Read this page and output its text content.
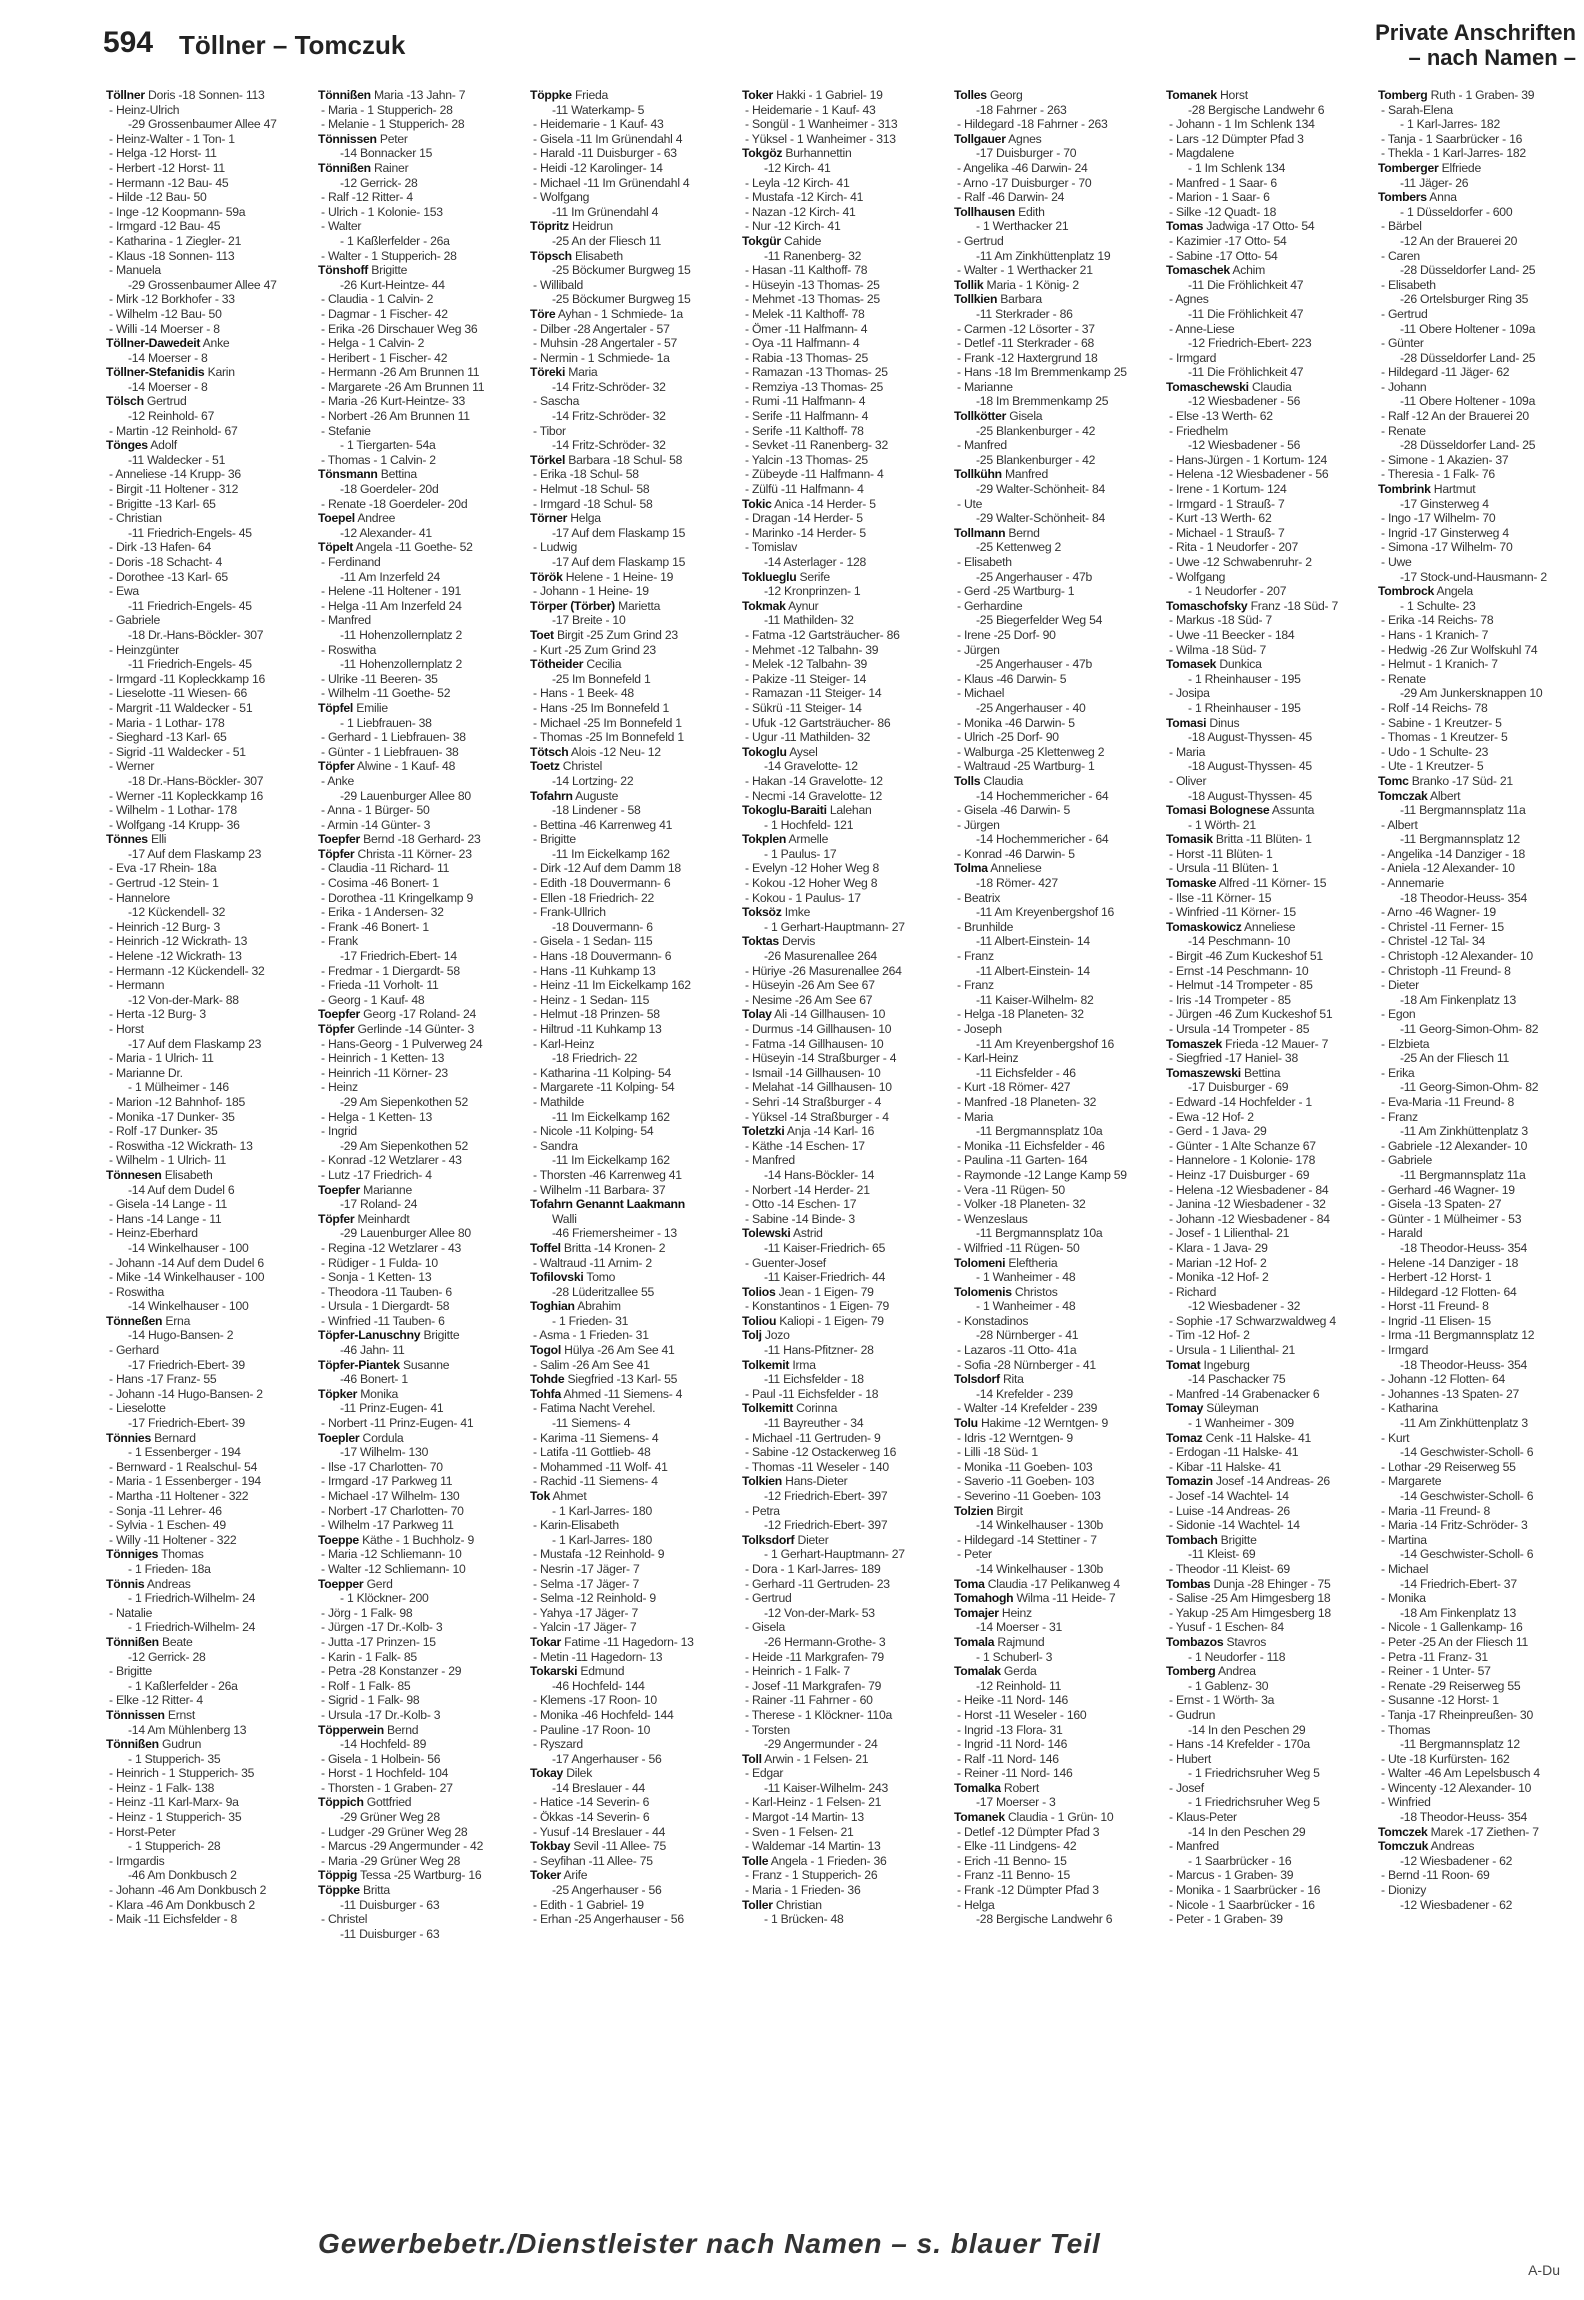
594 Töllner – Tomczuk	Private Anschriften
– nach Namen –
Töllner Doris -18 Sonnen- 113
- Heinz-Ulrich
-29 Grossenbaumer Allee 47
- Heinz-Walter - 1 Ton- 1
- Helga -12 Horst- 11
- Herbert -12 Horst- 11
- Hermann -12 Bau- 45
- Hilde -12 Bau- 50
- Inge -12 Koopmann- 59a
- Irmgard -12 Bau- 45
- Katharina - 1 Ziegler- 21
- Klaus -18 Sonnen- 113
- Manuela
-29 Grossenbaumer Allee 47
- Mirk -12 Borkhofer - 33
- Wilhelm -12 Bau- 50
- Willi -14 Moerser - 8
Töllner-Dawedeit Anke
-14 Moerser - 8
Töllner-Stefanidis Karin
-14 Moerser - 8
Tölsch Gertrud
-12 Reinhold- 67
- Martin -12 Reinhold- 67
Tönges Adolf
-11 Waldecker - 51
- Anneliese -14 Krupp- 36
- Birgit -11 Holtener - 312
- Brigitte -13 Karl- 65
- Christian
-11 Friedrich-Engels- 45
- Dirk -13 Hafen- 64
- Doris -18 Schacht- 4
- Dorothee -13 Karl- 65
- Ewa
-11 Friedrich-Engels- 45
- Gabriele
-18 Dr.-Hans-Böckler- 307
- Heinzgünter
-11 Friedrich-Engels- 45
- Irmgard -11 Kopleckkamp 16
- Lieselotte -11 Wiesen- 66
- Margrit -11 Waldecker - 51
- Maria - 1 Lothar- 178
- Sieghard -13 Karl- 65
- Sigrid -11 Waldecker - 51
- Werner
-18 Dr.-Hans-Böckler- 307
- Werner -11 Kopleckkamp 16
- Wilhelm - 1 Lothar- 178
- Wolfgang -14 Krupp- 36
Tönnes Elli
-17 Auf dem Flaskamp 23
- Eva -17 Rhein- 18a
- Gertrud -12 Stein- 1
- Hannelore
-12 Kückendell- 32
- Heinrich -12 Burg- 3
- Heinrich -12 Wickrath- 13
- Helene -12 Wickrath- 13
- Hermann -12 Kückendell- 32
- Hermann
-12 Von-der-Mark- 88
- Herta -12 Burg- 3
- Horst
-17 Auf dem Flaskamp 23
- Maria - 1 Ulrich- 11
- Marianne Dr.
- 1 Mülheimer - 146
- Marion -12 Bahnhof- 185
- Monika -17 Dunker- 35
- Rolf -17 Dunker- 35
- Roswitha -12 Wickrath- 13
- Wilhelm - 1 Ulrich- 11
Tönnesen Elisabeth
-14 Auf dem Dudel 6
- Gisela -14 Lange - 11
- Hans -14 Lange - 11
- Heinz-Eberhard
-14 Winkelhauser - 100
- Johann -14 Auf dem Dudel 6
- Mike -14 Winkelhauser - 100
- Roswitha
-14 Winkelhauser - 100
Tönneßen Erna
-14 Hugo-Bansen- 2
- Gerhard
-17 Friedrich-Ebert- 39
- Hans -17 Franz- 55
- Johann -14 Hugo-Bansen- 2
- Lieselotte
-17 Friedrich-Ebert- 39
Tönnies Bernard
- 1 Essenberger - 194
- Bernward - 1 Realschul- 54
- Maria - 1 Essenberger - 194
- Martha -11 Holtener - 322
- Sonja -11 Lehrer- 46
- Sylvia - 1 Eschen- 49
- Willy -11 Holtener - 322
Tönniges Thomas
- 1 Frieden- 18a
Tönnis Andreas
- 1 Friedrich-Wilhelm- 24
- Natalie
- 1 Friedrich-Wilhelm- 24
Tönnißen Beate
-12 Gerrick- 28
- Brigitte
- 1 Kaßlerfelder - 26a
- Elke -12 Ritter- 4
Tönnissen Ernst
-14 Am Mühlenberg 13
Tönnißen Gudrun
- 1 Stupperich- 35
- Heinrich - 1 Stupperich- 35
- Heinz - 1 Falk- 138
- Heinz -11 Karl-Marx- 9a
- Heinz - 1 Stupperich- 35
- Horst-Peter
- 1 Stupperich- 28
- Irmgardis
-46 Am Donkbusch 2
- Johann -46 Am Donkbusch 2
- Klara -46 Am Donkbusch 2
- Maik -11 Eichsfelder - 8
Tönnißen Maria -13 Jahn- 7
- Maria - 1 Stupperich- 28
- Melanie - 1 Stupperich- 28
Tönnissen Peter
-14 Bonnacker 15
Tönnißen Rainer
-12 Gerrick- 28
- Ralf -12 Ritter- 4
- Ulrich - 1 Kolonie- 153
- Walter
- 1 Kaßlerfelder - 26a
- Walter - 1 Stupperich- 28
Tönshoff Brigitte
-26 Kurt-Heintze- 44
- Claudia - 1 Calvin- 2
- Dagmar - 1 Fischer- 42
- Erika -26 Dirschauer Weg 36
- Helga - 1 Calvin- 2
- Heribert - 1 Fischer- 42
- Hermann -26 Am Brunnen 11
- Margarete -26 Am Brunnen 11
- Maria -26 Kurt-Heintze- 33
- Norbert -26 Am Brunnen 11
- Stefanie
- 1 Tiergarten- 54a
- Thomas - 1 Calvin- 2
Tönsmann Bettina
-18 Goerdeler- 20d
- Renate -18 Goerdeler- 20d
Toepel Andree
-12 Alexander- 41
Töpelt Angela -11 Goethe- 52
- Ferdinand
-11 Am Inzerfeld 24
- Helene -11 Holtener - 191
- Helga -11 Am Inzerfeld 24
- Manfred
-11 Hohenzollernplatz 2
- Roswitha
-11 Hohenzollernplatz 2
- Ulrike -11 Beeren- 35
- Wilhelm -11 Goethe- 52
Töpfel Emilie
- 1 Liebfrauen- 38
- Gerhard - 1 Liebfrauen- 38
- Günter - 1 Liebfrauen- 38
Töpfer Alwine - 1 Kauf- 48
- Anke
-29 Lauenburger Allee 80
- Anna - 1 Bürger- 50
- Armin -14 Günter- 3
Toepfer Bernd -18 Gerhard- 23
Töpfer Christa -11 Körner- 23
- Claudia -11 Richard- 11
- Cosima -46 Bonert- 1
- Dorothea -11 Kringelkamp 9
- Erika - 1 Andersen- 32
- Frank -46 Bonert- 1
- Frank
-17 Friedrich-Ebert- 14
- Fredmar - 1 Diergardt- 58
- Frieda -11 Vorholt- 11
- Georg - 1 Kauf- 48
Toepfer Georg -17 Roland- 24
Töpfer Gerlinde -14 Günter- 3
- Hans-Georg - 1 Pulverweg 24
- Heinrich - 1 Ketten- 13
- Heinrich -11 Körner- 23
- Heinz
-29 Am Siepenkothen 52
- Helga - 1 Ketten- 13
- Ingrid
-29 Am Siepenkothen 52
- Konrad -12 Wetzlarer - 43
- Lutz -17 Friedrich- 4
Toepfer Marianne
-17 Roland- 24
Töpfer Meinhardt
-29 Lauenburger Allee 80
- Regina -12 Wetzlarer - 43
- Rüdiger - 1 Fulda- 10
- Sonja - 1 Ketten- 13
- Theodora -11 Tauben- 6
- Ursula - 1 Diergardt- 58
- Winfried -11 Tauben- 6
Töpfer-Lanuschny Brigitte
-46 Jahn- 11
Töpfer-Piantek Susanne
-46 Bonert- 1
Töpker Monika
-11 Prinz-Eugen- 41
- Norbert -11 Prinz-Eugen- 41
Toepler Cordula
-17 Wilhelm- 130
- Ilse -17 Charlotten- 70
- Irmgard -17 Parkweg 11
- Michael -17 Wilhelm- 130
- Norbert -17 Charlotten- 70
- Wilhelm -17 Parkweg 11
Toeppe Käthe - 1 Buchholz- 9
- Maria -12 Schliemann- 10
- Walter -12 Schliemann- 10
Toepper Gerd
- 1 Klöckner- 200
- Jörg - 1 Falk- 98
- Jürgen -17 Dr.-Kolb- 3
- Jutta -17 Prinzen- 15
- Karin - 1 Falk- 85
- Petra -28 Konstanzer - 29
- Rolf - 1 Falk- 85
- Sigrid - 1 Falk- 98
- Ursula -17 Dr.-Kolb- 3
Töpperwein Bernd
-14 Hochfeld- 89
- Gisela - 1 Holbein- 56
- Horst - 1 Hochfeld- 104
- Thorsten - 1 Graben- 27
Töppich Gottfried
-29 Grüner Weg 28
- Ludger -29 Grüner Weg 28
- Marcus -29 Angermunder - 42
- Maria -29 Grüner Weg 28
Töppig Tessa -25 Wartburg- 16
Töppke Britta
-11 Duisburger - 63
- Christel
-11 Duisburger - 63
Töppke Frieda
-11 Waterkamp- 5
- Heidemarie - 1 Kauf- 43
- Gisela -11 Im Grünendahl 4
- Harald -11 Duisburger - 63
- Heidi -12 Karolinger- 14
- Michael -11 Im Grünendahl 4
- Wolfgang
-11 Im Grünendahl 4
Töpritz Heidrun
-25 An der Fliesch 11
Töpsch Elisabeth
-25 Böckumer Burgweg 15
- Willibald
-25 Böckumer Burgweg 15
Töre Ayhan - 1 Schmiede- 1a
- Dilber -28 Angertaler - 57
- Muhsin -28 Angertaler - 57
- Nermin - 1 Schmiede- 1a
Töreki Maria
-14 Fritz-Schröder- 32
- Sascha
-14 Fritz-Schröder- 32
- Tibor
-14 Fritz-Schröder- 32
Törkel Barbara -18 Schul- 58
- Erika -18 Schul- 58
- Helmut -18 Schul- 58
- Irmgard -18 Schul- 58
Törner Helga
-17 Auf dem Flaskamp 15
- Ludwig
-17 Auf dem Flaskamp 15
Török Helene - 1 Heine- 19
- Johann - 1 Heine- 19
Törper (Törber) Marietta
-17 Breite - 10
Toet Birgit -25 Zum Grind 23
- Kurt -25 Zum Grind 23
Tötheider Cecilia
-25 Im Bonnefeld 1
- Hans - 1 Beek- 48
- Hans -25 Im Bonnefeld 1
- Michael -25 Im Bonnefeld 1
- Thomas -25 Im Bonnefeld 1
Tötsch Alois -12 Neu- 12
Toetz Christel
-14 Lortzing- 22
Tofahrn Auguste
-18 Lindener - 58
- Bettina -46 Karrenweg 41
- Brigitte
-11 Im Eickelkamp 162
- Dirk -12 Auf dem Damm 18
- Edith -18 Douvermann- 6
- Ellen -18 Friedrich- 22
- Frank-Ullrich
-18 Douvermann- 6
- Gisela - 1 Sedan- 115
- Hans -18 Douvermann- 6
- Hans -11 Kuhkamp 13
- Heinz -11 Im Eickelkamp 162
- Heinz - 1 Sedan- 115
- Helmut -18 Prinzen- 58
- Hiltrud -11 Kuhkamp 13
- Karl-Heinz
-18 Friedrich- 22
- Katharina -11 Kolping- 54
- Margarete -11 Kolping- 54
- Mathilde
-11 Im Eickelkamp 162
- Nicole -11 Kolping- 54
- Sandra
-11 Im Eickelkamp 162
- Thorsten -46 Karrenweg 41
- Wilhelm -11 Barbara- 37
Tofahrn Genannt Laakmann
Walli
-46 Friemersheimer - 13
Toffel Britta -14 Kronen- 2
- Waltraud -11 Arnim- 2
Tofilovski Tomo
-28 Lüderitzallee 55
Toghian Abrahim
- 1 Frieden- 31
- Asma - 1 Frieden- 31
Togol Hülya -26 Am See 41
- Salim -26 Am See 41
Tohde Siegfried -13 Karl- 55
Tohfa Ahmed -11 Siemens- 4
- Fatima Nacht Verehel.
-11 Siemens- 4
- Karima -11 Siemens- 4
- Latifa -11 Gottlieb- 48
- Mohammed -11 Wolf- 41
- Rachid -11 Siemens- 4
Tok Ahmet
- 1 Karl-Jarres- 180
- Karin-Elisabeth
- 1 Karl-Jarres- 180
- Mustafa -12 Reinhold- 9
- Nesrin -17 Jäger- 7
- Selma -17 Jäger- 7
- Selma -12 Reinhold- 9
- Yahya -17 Jäger- 7
- Yalcin -17 Jäger- 7
Tokar Fatime -11 Hagedorn- 13
- Metin -11 Hagedorn- 13
Tokarski Edmund
-46 Hochfeld- 144
- Klemens -17 Roon- 10
- Monika -46 Hochfeld- 144
- Pauline -17 Roon- 10
- Ryszard
-17 Angerhauser - 56
Tokay Dilek
-14 Breslauer - 44
- Hatice -14 Severin- 6
- Ökkas -14 Severin- 6
- Yusuf -14 Breslauer - 44
Tokbay Sevil -11 Allee- 75
- Seyfihan -11 Allee- 75
Toker Arife
-25 Angerhauser - 56
- Edith - 1 Gabriel- 19
- Erhan -25 Angerhauser - 56
Toker Hakki - 1 Gabriel- 19
- Heidemarie - 1 Kauf- 43
- Songül - 1 Wanheimer - 313
- Yüksel - 1 Wanheimer - 313
Tokgöz Burhannettin
-12 Kirch- 41
- Leyla -12 Kirch- 41
- Mustafa -12 Kirch- 41
- Nazan -12 Kirch- 41
- Nur -12 Kirch- 41
Tokgür Cahide
-11 Ranenberg- 32
- Hasan -11 Kalthoff- 78
- Hüseyin -13 Thomas- 25
- Mehmet -13 Thomas- 25
- Melek -11 Kalthoff- 78
- Ömer -11 Halfmann- 4
- Oya -11 Halfmann- 4
- Rabia -13 Thomas- 25
- Ramazan -13 Thomas- 25
- Remziya -13 Thomas- 25
- Rumi -11 Halfmann- 4
- Serife -11 Halfmann- 4
- Serife -11 Kalthoff- 78
- Sevket -11 Ranenberg- 32
- Yalcin -13 Thomas- 25
- Zübeyde -11 Halfmann- 4
- Zülfü -11 Halfmann- 4
Tokic Anica -14 Herder- 5
- Dragan -14 Herder- 5
- Marinko -14 Herder- 5
- Tomislav
-14 Asterlager - 128
Toklueglu Serife
-12 Kronprinzen- 1
Tokmak Aynur
-11 Mathilden- 32
- Fatma -12 Gartsträucher- 86
- Mehmet -12 Talbahn- 39
- Melek -12 Talbahn- 39
- Pakize -11 Steiger- 14
- Ramazan -11 Steiger- 14
- Sükrü -11 Steiger- 14
- Ufuk -12 Gartsträucher- 86
- Ugur -11 Mathilden- 32
Tokoglu Aysel
-14 Gravelotte- 12
- Hakan -14 Gravelotte- 12
- Necmi -14 Gravelotte- 12
Tokoglu-Baraiti Lalehan
- 1 Hochfeld- 121
Tokplen Armelle
- 1 Paulus- 17
- Evelyn -12 Hoher Weg 8
- Kokou -12 Hoher Weg 8
- Kokou - 1 Paulus- 17
Toksöz Imke
- 1 Gerhart-Hauptmann- 27
Toktas Dervis
-26 Masurenallee 264
- Hüriye -26 Masurenallee 264
- Hüseyin -26 Am See 67
- Nesime -26 Am See 67
Tolay Ali -14 Gillhausen- 10
- Durmus -14 Gillhausen- 10
- Fatma -14 Gillhausen- 10
- Hüseyin -14 Straßburger - 4
- Ismail -14 Gillhausen- 10
- Melahat -14 Gillhausen- 10
- Sehri -14 Straßburger - 4
- Yüksel -14 Straßburger - 4
Toletzki Anja -14 Karl- 16
- Käthe -14 Eschen- 17
- Manfred
-14 Hans-Böckler- 14
- Norbert -14 Herder- 21
- Otto -14 Eschen- 17
- Sabine -14 Binde- 3
Tolewski Astrid
-11 Kaiser-Friedrich- 65
- Guenter-Josef
-11 Kaiser-Friedrich- 44
Tolios Jean - 1 Eigen- 79
- Konstantinos - 1 Eigen- 79
Toliou Kaliopi - 1 Eigen- 79
Tolj Jozo
-11 Hans-Pfitzner- 28
Tolkemit Irma
-11 Eichsfelder - 18
- Paul -11 Eichsfelder - 18
Tolkemitt Corinna
-11 Bayreuther - 34
- Michael -11 Gertruden- 9
- Sabine -12 Ostackerweg 16
- Thomas -11 Weseler - 140
Tolkien Hans-Dieter
-12 Friedrich-Ebert- 397
- Petra
-12 Friedrich-Ebert- 397
Tolksdorf Dieter
- 1 Gerhart-Hauptmann- 27
- Dora - 1 Karl-Jarres- 189
- Gerhard -11 Gertruden- 23
- Gertrud
-12 Von-der-Mark- 53
- Gisela
-26 Hermann-Grothe- 3
- Heide -11 Markgrafen- 79
- Heinrich - 1 Falk- 7
- Josef -11 Markgrafen- 79
- Rainer -11 Fahrner - 60
- Therese - 1 Klöckner- 110a
- Torsten
-29 Angermunder - 24
Toll Arwin - 1 Felsen- 21
- Edgar
-11 Kaiser-Wilhelm- 243
- Karl-Heinz - 1 Felsen- 21
- Margot -14 Martin- 13
- Sven - 1 Felsen- 21
- Waldemar -14 Martin- 13
Tolle Angela - 1 Frieden- 36
- Franz - 1 Stupperich- 26
- Maria - 1 Frieden- 36
Toller Christian
- 1 Brücken- 48
Tolles Georg
-18 Fahrner - 263
- Hildegard -18 Fahrner - 263
Tollgauer Agnes
-17 Duisburger - 70
- Angelika -46 Darwin- 24
- Arno -17 Duisburger - 70
- Ralf -46 Darwin- 24
Tollhausen Edith
- 1 Werthacker 21
- Gertrud
-11 Am Zinkhüttenplatz 19
- Walter - 1 Werthacker 21
Tollik Maria - 1 König- 2
Tollkien Barbara
-11 Sterkrader - 86
- Carmen -12 Lösorter - 37
- Detlef -11 Sterkrader - 68
- Frank -12 Haxtergrund 18
- Hans -18 Im Bremmenkamp 25
- Marianne
-18 Im Bremmenkamp 25
Tollkötter Gisela
-25 Blankenburger - 42
- Manfred
-25 Blankenburger - 42
Tollkühn Manfred
-29 Walter-Schönheit- 84
- Ute
-29 Walter-Schönheit- 84
Tollmann Bernd
-25 Kettenweg 2
- Elisabeth
-25 Angerhauser - 47b
- Gerd -25 Wartburg- 1
- Gerhardine
-25 Biegerfelder Weg 54
- Irene -25 Dorf- 90
- Jürgen
-25 Angerhauser - 47b
- Klaus -46 Darwin- 5
- Michael
-25 Angerhauser - 40
- Monika -46 Darwin- 5
- Ulrich -25 Dorf- 90
- Walburga -25 Klettenweg 2
- Waltraud -25 Wartburg- 1
Tolls Claudia
-14 Hochemmericher - 64
- Gisela -46 Darwin- 5
- Jürgen
-14 Hochemmericher - 64
- Konrad -46 Darwin- 5
Tolma Anneliese
-18 Römer- 427
- Beatrix
-11 Am Kreyenbergshof 16
- Brunhilde
-11 Albert-Einstein- 14
- Franz
-11 Albert-Einstein- 14
- Franz
-11 Kaiser-Wilhelm- 82
- Helga -18 Planeten- 32
- Joseph
-11 Am Kreyenbergshof 16
- Karl-Heinz
-11 Eichsfelder - 46
- Kurt -18 Römer- 427
- Manfred -18 Planeten- 32
- Maria
-11 Bergmannsplatz 10a
- Monika -11 Eichsfelder - 46
- Paulina -11 Garten- 164
- Raymonde -12 Lange Kamp 59
- Vera -11 Rügen- 50
- Volker -18 Planeten- 32
- Wenzeslaus
-11 Bergmannsplatz 10a
- Wilfried -11 Rügen- 50
Tolomeni Eleftheria
- 1 Wanheimer - 48
Tolomenis Christos
- 1 Wanheimer - 48
- Konstadinos
-28 Nürnberger - 41
- Lazaros -11 Otto- 41a
- Sofia -28 Nürnberger - 41
Tolsdorf Rita
-14 Krefelder - 239
- Walter -14 Krefelder - 239
Tolu Hakime -12 Werntgen- 9
- Idris -12 Werntgen- 9
- Lilli -18 Süd- 1
- Monika -11 Goeben- 103
- Saverio -11 Goeben- 103
- Severino -11 Goeben- 103
Tolzien Birgit
-14 Winkelhauser - 130b
- Hildegard -14 Stettiner - 7
- Peter
-14 Winkelhauser - 130b
Toma Claudia -17 Pelikanweg 4
Tomahogh Wilma -11 Heide- 7
Tomajer Heinz
-14 Moerser - 31
Tomala Rajmund
- 1 Schuberl- 3
Tomalak Gerda
-12 Reinhold- 11
- Heike -11 Nord- 146
- Horst -11 Weseler - 160
- Ingrid -13 Flora- 31
- Ingrid -11 Nord- 146
- Ralf -11 Nord- 146
- Reiner -11 Nord- 146
Tomalka Robert
-17 Moerser - 3
Tomanek Claudia - 1 Grün- 10
- Detlef -12 Dümpter Pfad 3
- Elke -11 Lindgens- 42
- Erich -11 Benno- 15
- Franz -11 Benno- 15
- Frank -12 Dümpter Pfad 3
- Helga
-28 Bergische Landwehr 6
Tomanek Horst
-28 Bergische Landwehr 6
- Johann - 1 Im Schlenk 134
- Lars -12 Dümpter Pfad 3
- Magdalene
- 1 Im Schlenk 134
- Manfred - 1 Saar- 6
- Marion - 1 Saar- 6
- Silke -12 Quadt- 18
Tomas Jadwiga -17 Otto- 54
- Kazimier -17 Otto- 54
- Sabine -17 Otto- 54
Tomaschek Achim
-11 Die Fröhlichkeit 47
- Agnes
-11 Die Fröhlichkeit 47
- Anne-Liese
-12 Friedrich-Ebert- 223
- Irmgard
-11 Die Fröhlichkeit 47
Tomaschewski Claudia
-12 Wiesbadener - 56
- Else -13 Werth- 62
- Friedhelm
-12 Wiesbadener - 56
- Hans-Jürgen - 1 Kortum- 124
- Helena -12 Wiesbadener - 56
- Irene - 1 Kortum- 124
- Irmgard - 1 Strauß- 7
- Kurt -13 Werth- 62
- Michael - 1 Strauß- 7
- Rita - 1 Neudorfer - 207
- Uwe -12 Schwabenruhr- 2
- Wolfgang
- 1 Neudorfer - 207
Tomaschofsky Franz -18 Süd- 7
- Markus -18 Süd- 7
- Uwe -11 Beecker - 184
- Wilma -18 Süd- 7
Tomasek Dunkica
- 1 Rheinhauser - 195
- Josipa
- 1 Rheinhauser - 195
Tomasi Dinus
-18 August-Thyssen- 45
- Maria
-18 August-Thyssen- 45
- Oliver
-18 August-Thyssen- 45
Tomasi Bolognese Assunta
- 1 Wörth- 21
Tomasik Britta -11 Blüten- 1
- Horst -11 Blüten- 1
- Ursula -11 Blüten- 1
Tomaske Alfred -11 Körner- 15
- Ilse -11 Körner- 15
- Winfried -11 Körner- 15
Tomaskowicz Anneliese
-14 Peschmann- 10
- Birgit -46 Zum Kuckeshof 51
- Ernst -14 Peschmann- 10
- Helmut -14 Trompeter - 85
- Iris -14 Trompeter - 85
- Jürgen -46 Zum Kuckeshof 51
- Ursula -14 Trompeter - 85
Tomaszek Frieda -12 Mauer- 7
- Siegfried -17 Haniel- 38
Tomaszewski Bettina
-17 Duisburger - 69
- Edward -14 Hochfelder - 1
- Ewa -12 Hof- 2
- Gerd - 1 Java- 29
- Günter - 1 Alte Schanze 67
- Hannelore - 1 Kolonie- 178
- Heinz -17 Duisburger - 69
- Helena -12 Wiesbadener - 84
- Janina -12 Wiesbadener - 32
- Johann -12 Wiesbadener - 84
- Josef - 1 Lilienthal- 21
- Klara - 1 Java- 29
- Marian -12 Hof- 2
- Monika -12 Hof- 2
- Richard
-12 Wiesbadener - 32
- Sophie -17 Schwarzwaldweg 4
- Tim -12 Hof- 2
- Ursula - 1 Lilienthal- 21
Tomat Ingeburg
-14 Paschacker 75
- Manfred -14 Grabenacker 6
Tomay Süleyman
- 1 Wanheimer - 309
Tomaz Cenk -11 Halske- 41
- Erdogan -11 Halske- 41
- Kibar -11 Halske- 41
Tomazin Josef -14 Andreas- 26
- Josef -14 Wachtel- 14
- Luise -14 Andreas- 26
- Sidonie -14 Wachtel- 14
Tombach Brigitte
-11 Kleist- 69
- Theodor -11 Kleist- 69
Tombas Dunja -28 Ehinger - 75
- Salise -25 Am Himgesberg 18
- Yakup -25 Am Himgesberg 18
- Yusuf - 1 Eschen- 84
Tombazos Stavros
- 1 Neudorfer - 118
Tomberg Andrea
- 1 Gablenz- 30
- Ernst - 1 Wörth- 3a
- Gudrun
-14 In den Peschen 29
- Hans -14 Krefelder - 170a
- Hubert
- 1 Friedrichsruher Weg 5
- Josef
- 1 Friedrichsruher Weg 5
- Klaus-Peter
-14 In den Peschen 29
- Manfred
- 1 Saarbrücker - 16
- Marcus - 1 Graben- 39
- Monika - 1 Saarbrücker - 16
- Nicole - 1 Saarbrücker - 16
- Peter - 1 Graben- 39
Tomberg Ruth - 1 Graben- 39
- Sarah-Elena
- 1 Karl-Jarres- 182
- Tanja - 1 Saarbrücker - 16
- Thekla - 1 Karl-Jarres- 182
Tomberger Elfriede
-11 Jäger- 26
Tombers Anna
- 1 Düsseldorfer - 600
- Bärbel
-12 An der Brauerei 20
- Caren
-28 Düsseldorfer Land- 25
- Elisabeth
-26 Ortelsburger Ring 35
- Gertrud
-11 Obere Holtener - 109a
- Günter
-28 Düsseldorfer Land- 25
- Hildegard -11 Jäger- 62
- Johann
-11 Obere Holtener - 109a
- Ralf -12 An der Brauerei 20
- Renate
-28 Düsseldorfer Land- 25
- Simone - 1 Akazien- 37
- Theresia - 1 Falk- 76
Tombrink Hartmut
-17 Ginsterweg 4
- Ingo -17 Wilhelm- 70
- Ingrid -17 Ginsterweg 4
- Simona -17 Wilhelm- 70
- Uwe
-17 Stock-und-Hausmann- 2
Tombrock Angela
- 1 Schulte- 23
- Erika -14 Reichs- 78
- Hans - 1 Kranich- 7
- Hedwig -26 Zur Wolfskuhl 74
- Helmut - 1 Kranich- 7
- Renate
-29 Am Junkersknappen 10
- Rolf -14 Reichs- 78
- Sabine - 1 Kreutzer- 5
- Thomas - 1 Kreutzer- 5
- Udo - 1 Schulte- 23
- Ute - 1 Kreutzer- 5
Tomc Branko -17 Süd- 21
Tomczak Albert
-11 Bergmannsplatz 11a
- Albert
-11 Bergmannsplatz 12
- Angelika -14 Danziger - 18
- Aniela -12 Alexander- 10
- Annemarie
-18 Theodor-Heuss- 354
- Arno -46 Wagner- 19
- Christel -11 Ferner- 15
- Christel -12 Tal- 34
- Christoph -12 Alexander- 10
- Christoph -11 Freund- 8
- Dieter
-18 Am Finkenplatz 13
- Egon
-11 Georg-Simon-Ohm- 82
- Elzbieta
-25 An der Fliesch 11
- Erika
-11 Georg-Simon-Ohm- 82
- Eva-Maria -11 Freund- 8
- Franz
-11 Am Zinkhüttenplatz 3
- Gabriele -12 Alexander- 10
- Gabriele
-11 Bergmannsplatz 11a
- Gerhard -46 Wagner- 19
- Gisela -13 Spaten- 27
- Günter - 1 Mülheimer - 53
- Harald
-18 Theodor-Heuss- 354
- Helene -14 Danziger - 18
- Herbert -12 Horst- 1
- Hildegard -12 Flotten- 64
- Horst -11 Freund- 8
- Ingrid -11 Elisen- 15
- Irma -11 Bergmannsplatz 12
- Irmgard
-18 Theodor-Heuss- 354
- Johann -12 Flotten- 64
- Johannes -13 Spaten- 27
- Katharina
-11 Am Zinkhüttenplatz 3
- Kurt
-14 Geschwister-Scholl- 6
- Lothar -29 Reiserweg 55
- Margarete
-14 Geschwister-Scholl- 6
- Maria -11 Freund- 8
- Maria -14 Fritz-Schröder- 3
- Martina
-14 Geschwister-Scholl- 6
- Michael
-14 Friedrich-Ebert- 37
- Monika
-18 Am Finkenplatz 13
- Nicole - 1 Gallenkamp- 16
- Peter -25 An der Fliesch 11
- Petra -11 Franz- 31
- Reiner - 1 Unter- 57
- Renate -29 Reiserweg 55
- Susanne -12 Horst- 1
- Tanja -17 Rheinpreußen- 30
- Thomas
-11 Bergmannsplatz 12
- Ute -18 Kurfürsten- 162
- Walter -46 Am Lepelsbusch 4
- Wincenty -12 Alexander- 10
- Winfried
-18 Theodor-Heuss- 354
Tomczek Marek -17 Ziethen- 7
Tomczuk Andreas
-12 Wiesbadener - 62
- Bernd -11 Roon- 69
- Dionizy
-12 Wiesbadener - 62
Gewerbebetr./Dienstleister nach Namen – s. blauer Teil
A-Du
